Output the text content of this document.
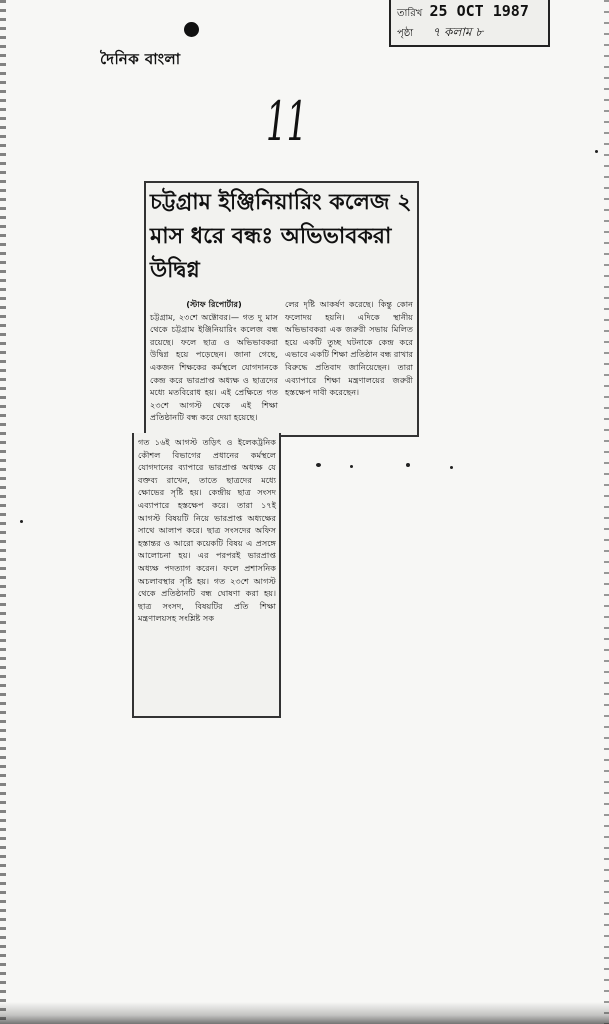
দৈনিক বাংলা
তারিখ 25 OCT 1987
পৃষ্ঠা ৭ কলাম ৮
11
চট্টগ্রাম ইঞ্জিনিয়ারিং কলেজ ২ মাস ধরে বন্ধঃ অভিভাবকরা উদ্বিগ্ন

(স্টাফ রিপোর্টার)

চট্টগ্রাম, ২৩শে অক্টোবর।— গত দু মাস থেকে চট্টগ্রাম ইঞ্জিনিয়ারিং কলেজ বন্ধ রয়েছে। ফলে ছাত্র ও অভিভাবকরা উদ্বিগ্ন হয়ে পড়েছেন। জানা গেছে, একজন শিক্ষকের কর্মস্থলে যোগদানকে কেন্দ্র করে ভারপ্রাপ্ত অধ্যক্ষ ও ছাত্রদের মধ্যে মতবিরোধ হয়। এই প্রেক্ষিতে গত ২৩শে আগস্ট থেকে এই শিক্ষা প্রতিষ্ঠানটি বন্ধ করে দেয়া হয়েছে।

লের দৃষ্টি আকর্ষণ করেছে। কিন্তু কোন ফলোদয় হয়নি। এদিকে স্থানীয় অভিভাবকরা এক জরুরী সভায় মিলিত হয়ে একটি তুচ্ছ ঘটনাকে কেন্দ্র করে এভাবে একটি শিক্ষা প্রতিষ্ঠান বন্ধ রাখার বিরুদ্ধে প্রতিবাদ জানিয়েছেন। তারা এব্যাপারে শিক্ষা মন্ত্রণালয়ের জরুরী হস্তক্ষেপ দাবী করেছেন।

গত ১৬ই আগস্ট তড়িৎ ও ইলেকট্রনিক কৌশল বিভাগের প্রধানের কর্মস্থলে যোগদানের ব্যাপারে ভারপ্রাপ্ত অধ্যক্ষ যে বক্তব্য রাখেন, তাতে ছাত্রদের মধ্যে ক্ষোভের সৃষ্টি হয়। কেন্দ্রীয় ছাত্র সংসদ এব্যাপারে হস্তক্ষেপ করে। তারা ১৭ই আগস্ট বিষয়টি নিয়ে ভারপ্রাপ্ত অধ্যক্ষের সাথে আলাপ করে। ছাত্র সংসদের অফিস হস্তান্তর ও আরো কয়েকটি বিষয় এ প্রসঙ্গে আলোচনা হয়। এর পরপরই ভারপ্রাপ্ত অধ্যক্ষ পদত্যাগ করেন। ফলে প্রশাসনিক অচলাবস্থার সৃষ্টি হয়। গত ২৩শে আগস্ট থেকে প্রতিষ্ঠানটি বন্ধ ঘোষণা করা হয়। ছাত্র সংসদ, বিষয়টির প্রতি শিক্ষা মন্ত্রণালয়সহ সংশ্লিষ্ট সক
